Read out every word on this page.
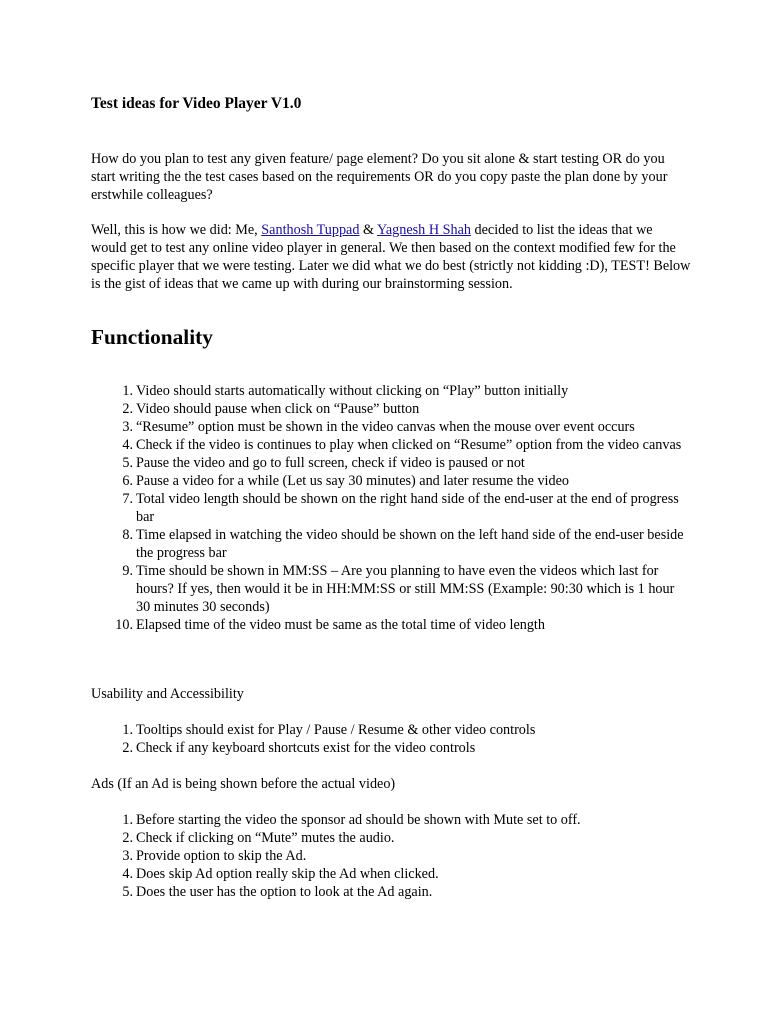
Test ideas for Video Player V1.0

How do you plan to test any given feature/ page element? Do you sit alone & start testing OR do you start writing the the test cases based on the requirements OR do you copy paste the plan done by your erstwhile colleagues?

Well, this is how we did: Me, Santhosh Tuppad & Yagnesh H Shah decided to list the ideas that we would get to test any online video player in general. We then based on the context modified few for the specific player that we were testing. Later we did what we do best (strictly not kidding :D), TEST! Below is the gist of ideas that we came up with during our brainstorming session.

Functionality
1. Video should starts automatically without clicking on “Play” button initially
2. Video should pause when click on “Pause” button
3. “Resume” option must be shown in the video canvas when the mouse over event occurs
4. Check if the video is continues to play when clicked on “Resume” option from the video canvas
5. Pause the video and go to full screen, check if video is paused or not
6. Pause a video for a while (Let us say 30 minutes) and later resume the video
7. Total video length should be shown on the right hand side of the end-user at the end of progress bar
8. Time elapsed in watching the video should be shown on the left hand side of the end-user beside the progress bar
9. Time should be shown in MM:SS – Are you planning to have even the videos which last for hours? If yes, then would it be in HH:MM:SS or still MM:SS (Example: 90:30 which is 1 hour 30 minutes 30 seconds)
10. Elapsed time of the video must be same as the total time of video length
Usability and Accessibility
1. Tooltips should exist for Play / Pause / Resume & other video controls
2. Check if any keyboard shortcuts exist for the video controls
Ads (If an Ad is being shown before the actual video)
1. Before starting the video the sponsor ad should be shown with Mute set to off.
2. Check if clicking on “Mute” mutes the audio.
3. Provide option to skip the Ad.
4. Does skip Ad option really skip the Ad when clicked.
5. Does the user has the option to look at the Ad again.
